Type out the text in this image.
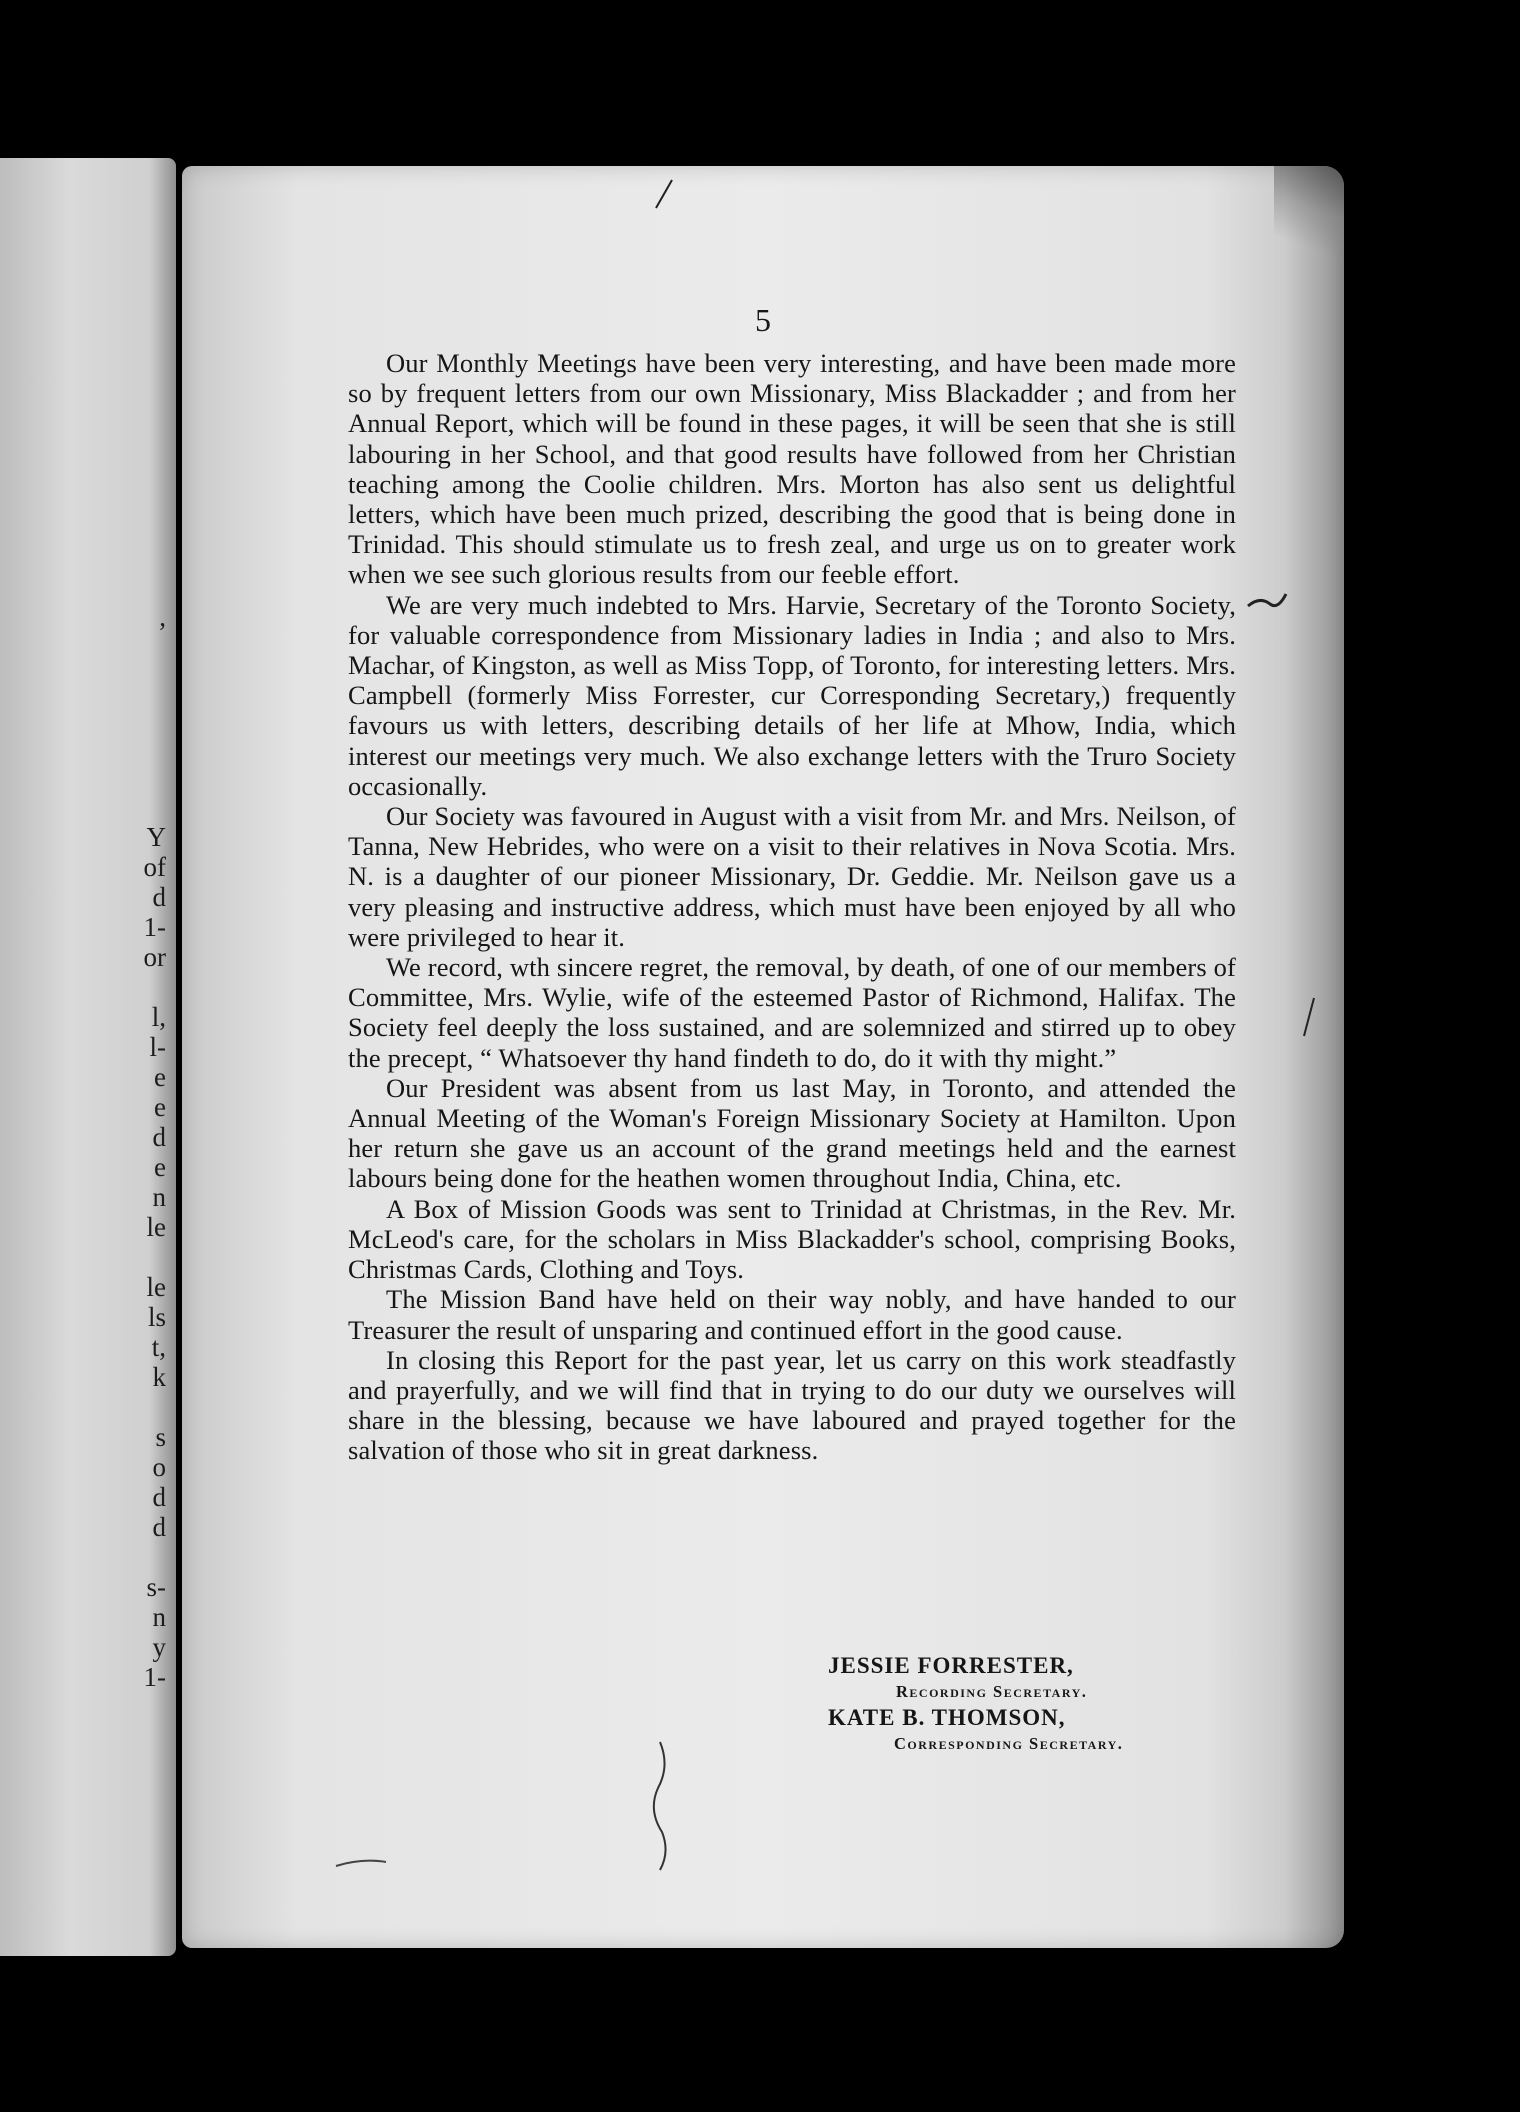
,
Y
of
d
1-
or
l,
l-
e
e
d
e
n
le
le
ls
t,
k
s
o
d
d
s-
n
y
1-
5

Our Monthly Meetings have been very interesting, and have been made more so by frequent letters from our own Missionary, Miss Blackadder ; and from her Annual Report, which will be found in these pages, it will be seen that she is still labouring in her School, and that good results have followed from her Christian teaching among the Coolie children. Mrs. Morton has also sent us delightful letters, which have been much prized, describing the good that is being done in Trinidad. This should stimulate us to fresh zeal, and urge us on to greater work when we see such glorious results from our feeble effort.

We are very much indebted to Mrs. Harvie, Secretary of the Toronto Society, for valuable correspondence from Missionary ladies in India ; and also to Mrs. Machar, of Kingston, as well as Miss Topp, of Toronto, for interesting letters. Mrs. Campbell (formerly Miss Forrester, cur Corresponding Secretary,) frequently favours us with letters, describing details of her life at Mhow, India, which interest our meetings very much. We also exchange letters with the Truro Society occasionally.

Our Society was favoured in August with a visit from Mr. and Mrs. Neilson, of Tanna, New Hebrides, who were on a visit to their relatives in Nova Scotia. Mrs. N. is a daughter of our pioneer Missionary, Dr. Geddie. Mr. Neilson gave us a very pleasing and instructive address, which must have been enjoyed by all who were privileged to hear it.

We record, wth sincere regret, the removal, by death, of one of our members of Committee, Mrs. Wylie, wife of the esteemed Pastor of Richmond, Halifax. The Society feel deeply the loss sustained, and are solemnized and stirred up to obey the precept, “ Whatsoever thy hand findeth to do, do it with thy might.”

Our President was absent from us last May, in Toronto, and attended the Annual Meeting of the Woman's Foreign Missionary Society at Hamilton. Upon her return she gave us an account of the grand meetings held and the earnest labours being done for the heathen women throughout India, China, etc.

A Box of Mission Goods was sent to Trinidad at Christmas, in the Rev. Mr. McLeod's care, for the scholars in Miss Blackadder's school, comprising Books, Christmas Cards, Clothing and Toys.

The Mission Band have held on their way nobly, and have handed to our Treasurer the result of unsparing and continued effort in the good cause.

In closing this Report for the past year, let us carry on this work steadfastly and prayerfully, and we will find that in trying to do our duty we ourselves will share in the blessing, because we have laboured and prayed together for the salvation of those who sit in great darkness.

JESSIE FORRESTER,
Recording Secretary.
KATE B. THOMSON,
Corresponding Secretary.
